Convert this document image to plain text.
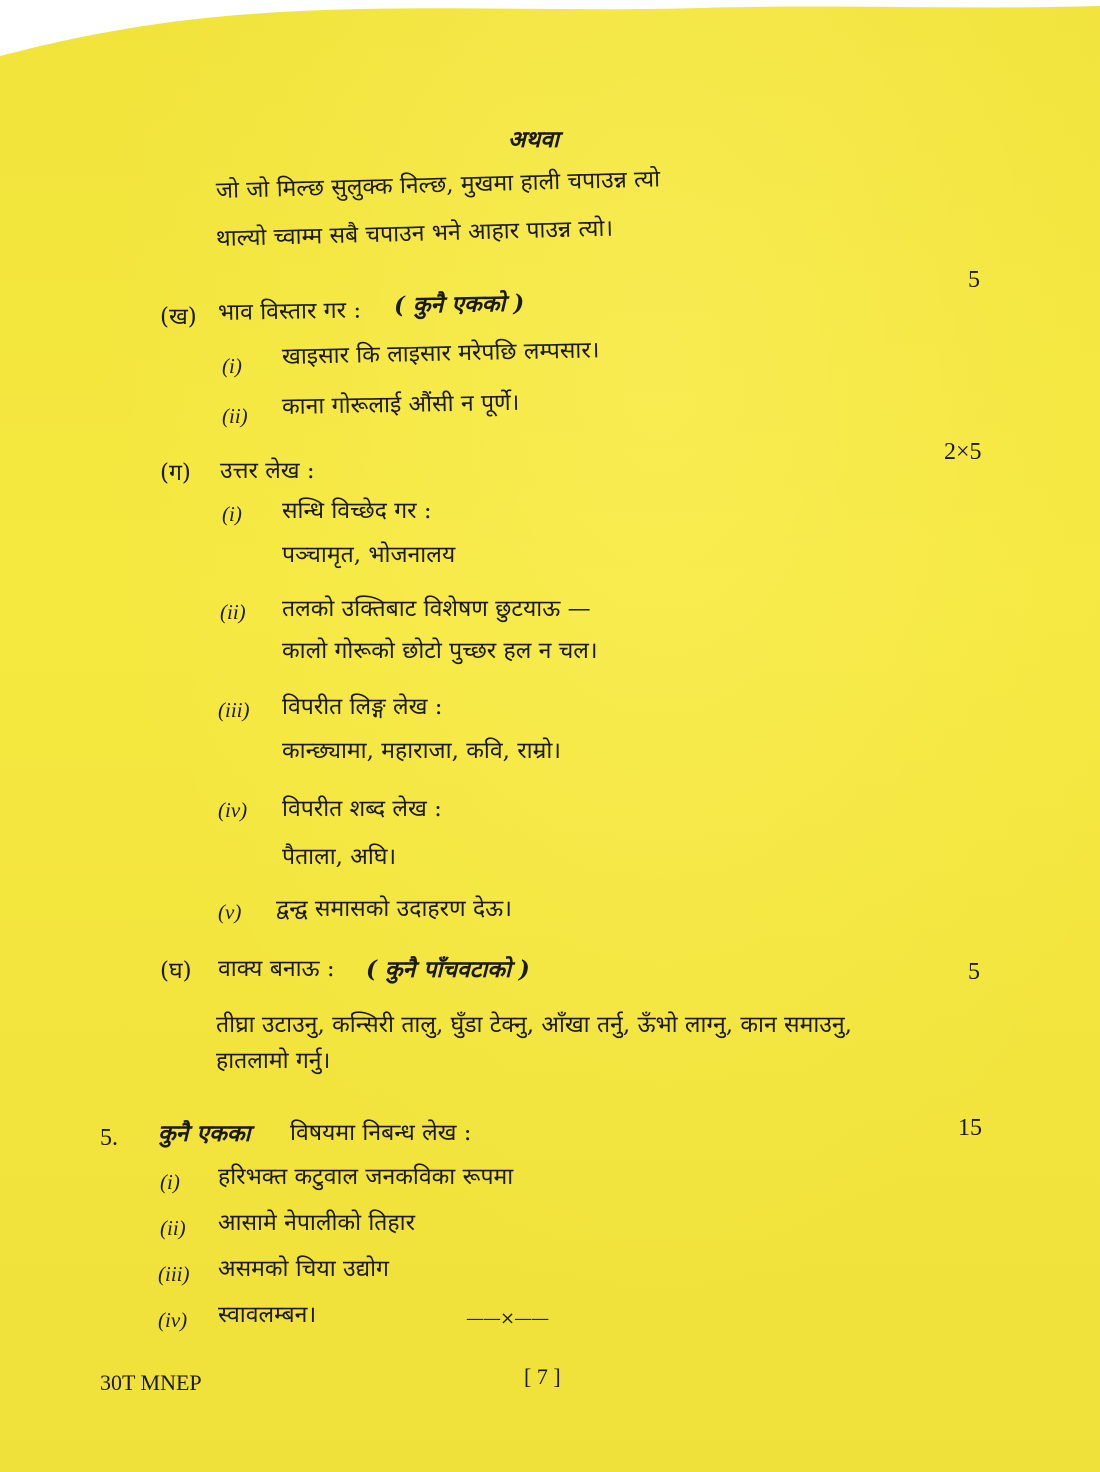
अथवा
जो जो मिल्छ सुलुक्क निल्छ, मुखमा हाली चपाउन्न त्यो
थाल्यो च्वाम्म सबै चपाउन भने आहार पाउन्न त्यो।
5
(ख) भाव विस्तार गर : ( कुनै एकको )
(i) खाइसार कि लाइसार मरेपछि लम्पसार।
(ii) काना गोरूलाई औंसी न पूर्णे।
2×5
(ग) उत्तर लेख :
(i) सन्धि विच्छेद गर :
पञ्चामृत, भोजनालय
(ii) तलको उक्तिबाट विशेषण छुटयाऊ —
कालो गोरूको छोटो पुच्छर हल न चल।
(iii) विपरीत लिङ्ग लेख :
कान्छ्यामा, महाराजा, कवि, राम्रो।
(iv) विपरीत शब्द लेख :
पैताला, अघि।
(v) द्वन्द्व समासको उदाहरण देऊ।
(घ) वाक्य बनाऊ : ( कुनै पाँचवटाको )	5
तीघ्रा उटाउनु, कन्सिरी तालु, घुँडा टेक्नु, आँखा तर्नु, ऊँभो लाग्नु, कान समाउनु,
हातलामो गर्नु।
5. कुनै एकका विषयमा निबन्ध लेख :	15
(i) हरिभक्त कटुवाल जनकविका रूपमा
(ii) आसामे नेपालीको तिहार
(iii) असमको चिया उद्योग
(iv) स्वावलम्बन।	——×——
30T MNEP	[ 7 ]
